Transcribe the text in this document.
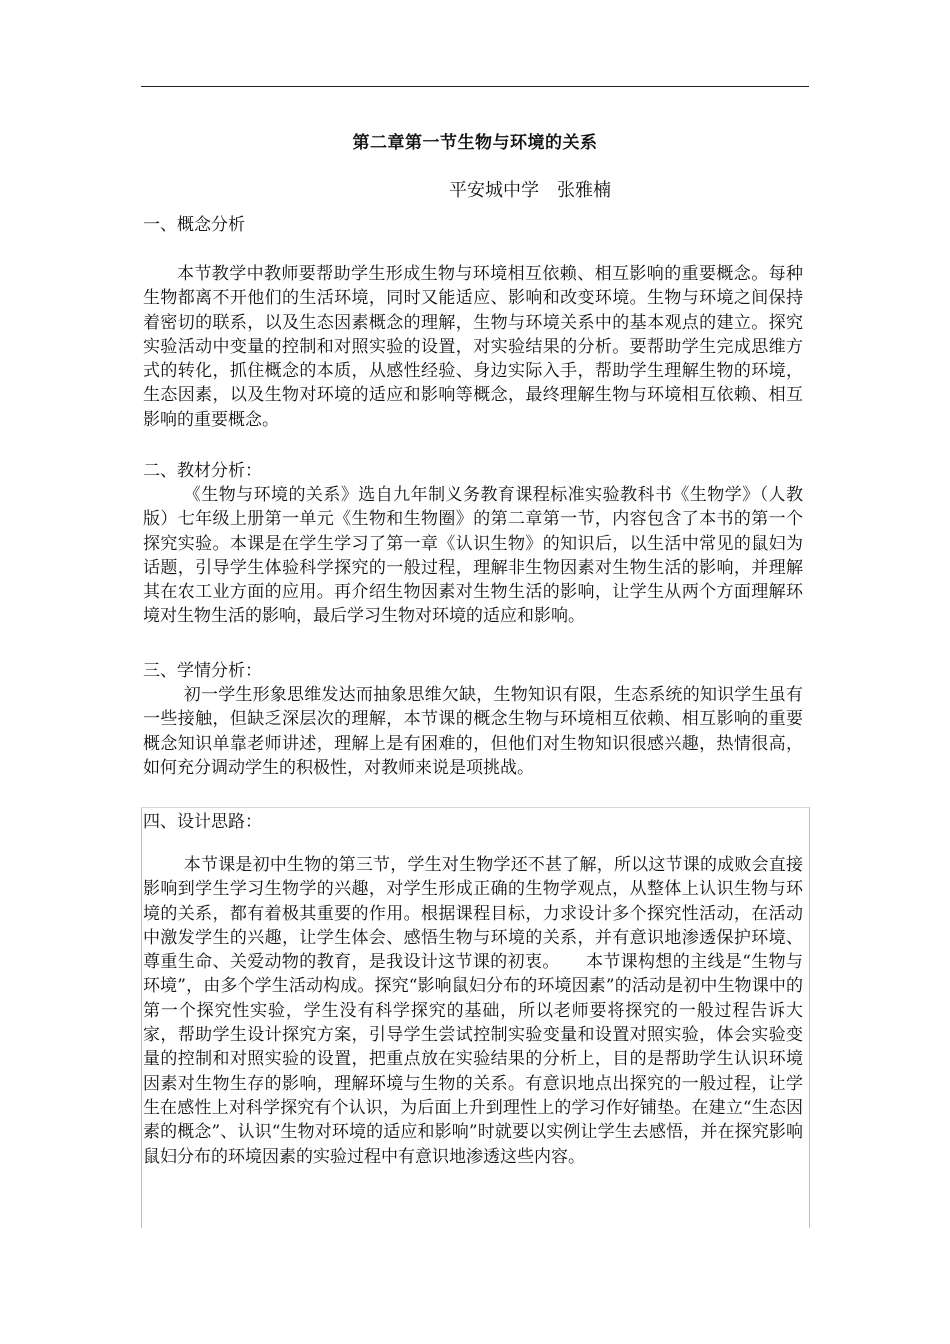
第二章第一节生物与环境的关系
平安城中学　张雅楠
一、概念分析

本节教学中教师要帮助学生形成生物与环境相互依赖、相互影响的重要概念。每种生物都离不开他们的生活环境，同时又能适应、影响和改变环境。生物与环境之间保持着密切的联系，以及生态因素概念的理解，生物与环境关系中的基本观点的建立。探究实验活动中变量的控制和对照实验的设置，对实验结果的分析。要帮助学生完成思维方式的转化，抓住概念的本质，从感性经验、身边实际入手，帮助学生理解生物的环境，生态因素，以及生物对环境的适应和影响等概念，最终理解生物与环境相互依赖、相互影响的重要概念。

二、教材分析：

《生物与环境的关系》选自九年制义务教育课程标准实验教科书《生物学》（人教版）七年级上册第一单元《生物和生物圈》的第二章第一节，内容包含了本书的第一个探究实验。本课是在学生学习了第一章《认识生物》的知识后，以生活中常见的鼠妇为话题，引导学生体验科学探究的一般过程，理解非生物因素对生物生活的影响，并理解其在农工业方面的应用。再介绍生物因素对生物生活的影响，让学生从两个方面理解环境对生物生活的影响，最后学习生物对环境的适应和影响。

三、学情分析：

初一学生形象思维发达而抽象思维欠缺，生物知识有限，生态系统的知识学生虽有一些接触，但缺乏深层次的理解，本节课的概念生物与环境相互依赖、相互影响的重要概念知识单靠老师讲述，理解上是有困难的，但他们对生物知识很感兴趣，热情很高，如何充分调动学生的积极性，对教师来说是项挑战。

四、设计思路：

本节课是初中生物的第三节，学生对生物学还不甚了解，所以这节课的成败会直接影响到学生学习生物学的兴趣，对学生形成正确的生物学观点，从整体上认识生物与环境的关系，都有着极其重要的作用。根据课程目标，力求设计多个探究性活动，在活动中激发学生的兴趣，让学生体会、感悟生物与环境的关系，并有意识地渗透保护环境、尊重生命、关爱动物的教育，是我设计这节课的初衷。　　本节课构想的主线是“生物与环境”，由多个学生活动构成。探究“影响鼠妇分布的环境因素”的活动是初中生物课中的第一个探究性实验，学生没有科学探究的基础，所以老师要将探究的一般过程告诉大家，帮助学生设计探究方案，引导学生尝试控制实验变量和设置对照实验，体会实验变量的控制和对照实验的设置，把重点放在实验结果的分析上，目的是帮助学生认识环境因素对生物生存的影响，理解环境与生物的关系。有意识地点出探究的一般过程，让学生在感性上对科学探究有个认识，为后面上升到理性上的学习作好铺垫。在建立“生态因素的概念”、认识“生物对环境的适应和影响”时就要以实例让学生去感悟，并在探究影响鼠妇分布的环境因素的实验过程中有意识地渗透这些内容。
